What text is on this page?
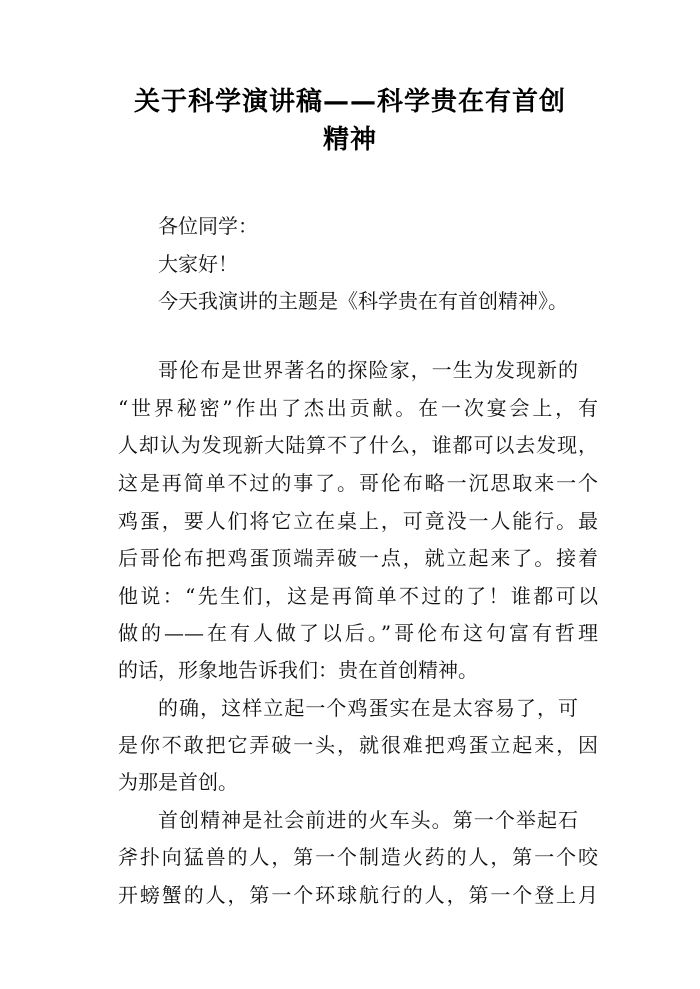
关于科学演讲稿——科学贵在有首创
精神
各位同学：
大家好！
今天我演讲的主题是《科学贵在有首创精神》。
哥伦布是世界著名的探险家，一生为发现新的
“世界秘密”作出了杰出贡献。在一次宴会上，有
人却认为发现新大陆算不了什么，谁都可以去发现，
这是再简单不过的事了。哥伦布略一沉思取来一个
鸡蛋，要人们将它立在桌上，可竟没一人能行。最
后哥伦布把鸡蛋顶端弄破一点，就立起来了。接着
他说：“先生们，这是再简单不过的了！谁都可以
做的——在有人做了以后。”哥伦布这句富有哲理
的话，形象地告诉我们：贵在首创精神。
的确，这样立起一个鸡蛋实在是太容易了，可
是你不敢把它弄破一头，就很难把鸡蛋立起来，因
为那是首创。
首创精神是社会前进的火车头。第一个举起石
斧扑向猛兽的人，第一个制造火药的人，第一个咬
开螃蟹的人，第一个环球航行的人，第一个登上月
